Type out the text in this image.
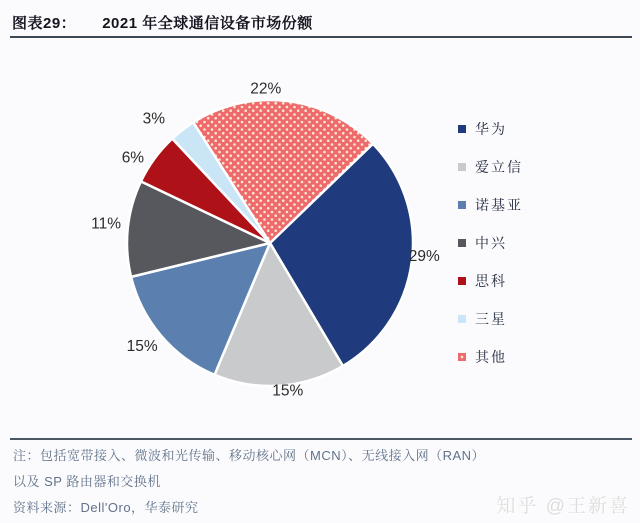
图表29： 2021 年全球通信设备市场份额
29%
15%
15%
11%
6%
3%
22%
华为
爱立信
诺基亚
中兴
思科
三星
其他
注：包括宽带接入、微波和光传输、移动核心网（MCN）、无线接入网（RAN）
以及 SP 路由器和交换机
资料来源：Dell'Oro，华泰研究	知乎 @王新喜
